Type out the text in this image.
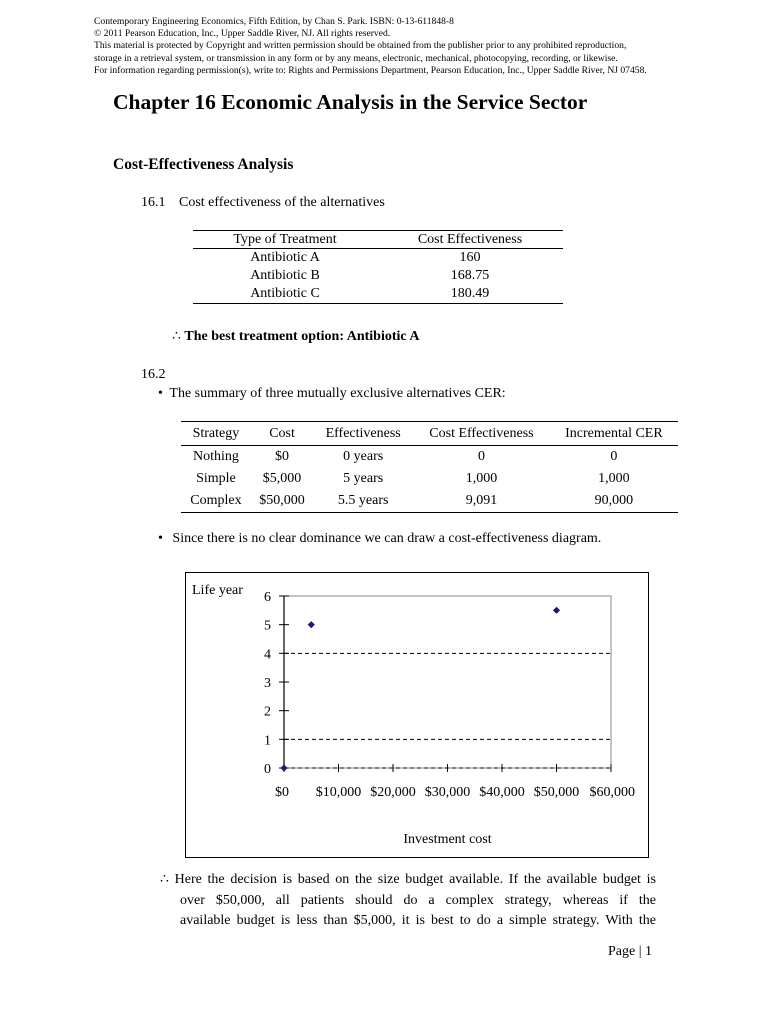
Contemporary Engineering Economics, Fifth Edition, by Chan S. Park. ISBN: 0-13-611848-8
© 2011 Pearson Education, Inc., Upper Saddle River, NJ. All rights reserved.
This material is protected by Copyright and written permission should be obtained from the publisher prior to any prohibited reproduction,
storage in a retrieval system, or transmission in any form or by any means, electronic, mechanical, photocopying, recording, or likewise.
For information regarding permission(s), write to: Rights and Permissions Department, Pearson Education, Inc., Upper Saddle River, NJ 07458.
Chapter 16 Economic Analysis in the Service Sector
Cost-Effectiveness Analysis
16.1 Cost effectiveness of the alternatives
Type of Treatment	Cost Effectiveness
Antibiotic A	160
Antibiotic B	168.75
Antibiotic C	180.49
∴ The best treatment option: Antibiotic A
16.2
• The summary of three mutually exclusive alternatives CER:
Strategy	Cost	Effectiveness	Cost Effectiveness	Incremental CER
Nothing	$0	0 years	0	0
Simple	$5,000	5 years	1,000	1,000
Complex	$50,000	5.5 years	9,091	90,000
• Since there is no clear dominance we can draw a cost-effectiveness diagram.
0
1
2
3
4
5
6
$0 $10,000 $20,000 $30,000 $40,000 $50,000 $60,000
Life year
Investment cost
∴ Here the decision is based on the size budget available. If the available budget is
over $50,000, all patients should do a complex strategy, whereas if the
available budget is less than $5,000, it is best to do a simple strategy. With the
Page | 1
